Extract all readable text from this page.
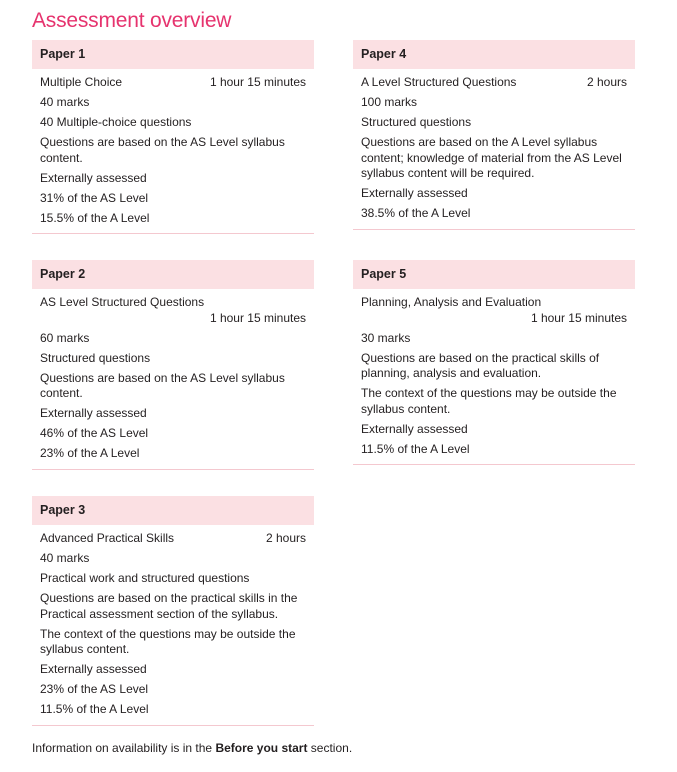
Assessment overview
Paper 1
Multiple Choice	1 hour 15 minutes

40 marks

40 Multiple-choice questions

Questions are based on the AS Level syllabus content.

Externally assessed

31% of the AS Level

15.5% of the A Level

Paper 2
AS Level Structured Questions
1 hour 15 minutes

60 marks

Structured questions

Questions are based on the AS Level syllabus content.

Externally assessed

46% of the AS Level

23% of the A Level

Paper 3
Advanced Practical Skills	2 hours

40 marks

Practical work and structured questions

Questions are based on the practical skills in the Practical assessment section of the syllabus.

The context of the questions may be outside the syllabus content.

Externally assessed

23% of the AS Level

11.5% of the A Level

Paper 4
A Level Structured Questions	2 hours

100 marks

Structured questions

Questions are based on the A Level syllabus content; knowledge of material from the AS Level syllabus content will be required.

Externally assessed

38.5% of the A Level

Paper 5
Planning, Analysis and Evaluation
1 hour 15 minutes

30 marks

Questions are based on the practical skills of planning, analysis and evaluation.

The context of the questions may be outside the syllabus content.

Externally assessed

11.5% of the A Level

Information on availability is in the Before you start section.
